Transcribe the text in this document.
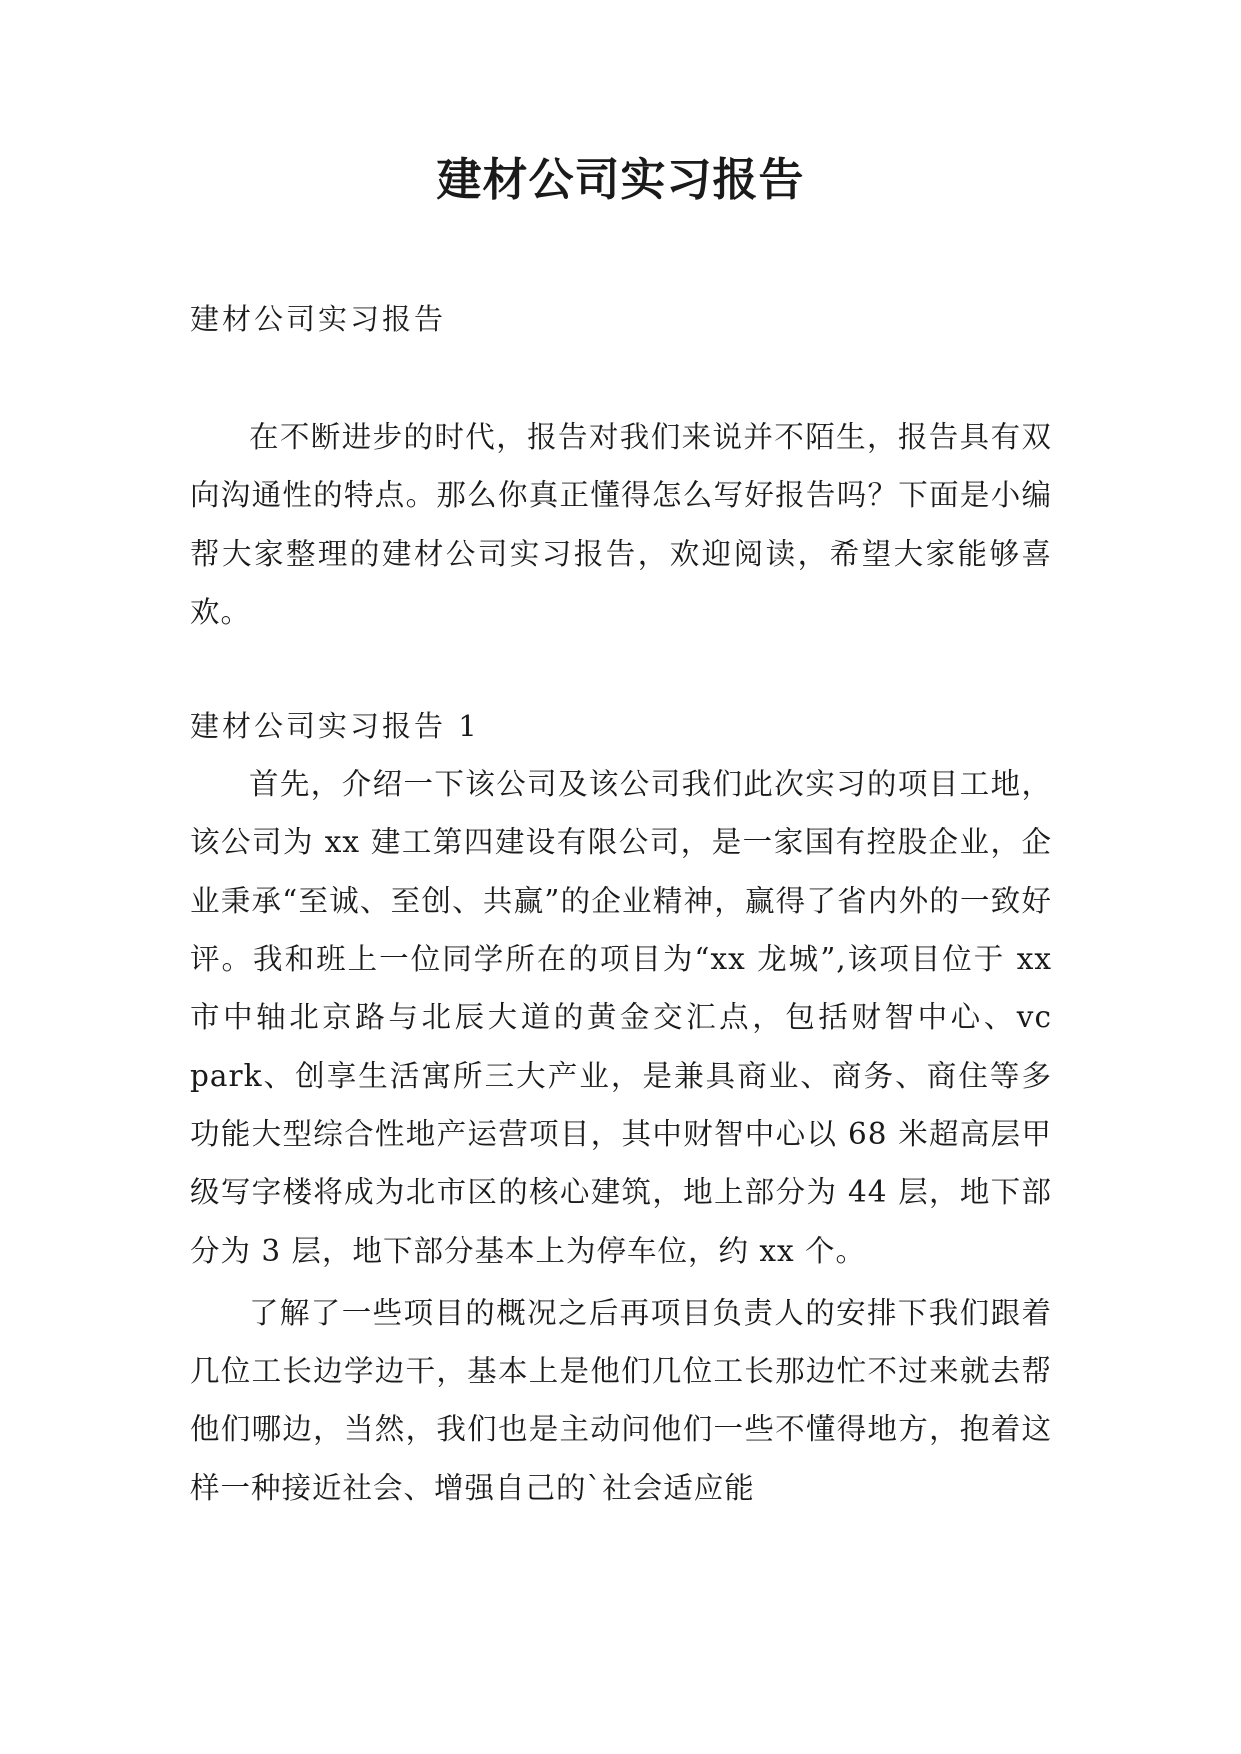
建材公司实习报告

建材公司实习报告

在不断进步的时代，报告对我们来说并不陌生，报告具有双向沟通性的特点。那么你真正懂得怎么写好报告吗？下面是小编帮大家整理的建材公司实习报告，欢迎阅读，希望大家能够喜欢。

建材公司实习报告 1

首先，介绍一下该公司及该公司我们此次实习的项目工地，该公司为 xx 建工第四建设有限公司，是一家国有控股企业，企业秉承“至诚、至创、共赢”的企业精神，赢得了省内外的一致好评。我和班上一位同学所在的项目为“xx 龙城”,该项目位于 xx 市中轴北京路与北辰大道的黄金交汇点，包括财智中心、vc park、创享生活寓所三大产业，是兼具商业、商务、商住等多功能大型综合性地产运营项目，其中财智中心以 68 米超高层甲级写字楼将成为北市区的核心建筑，地上部分为 44 层，地下部分为 3 层，地下部分基本上为停车位，约 xx 个。

了解了一些项目的概况之后再项目负责人的安排下我们跟着几位工长边学边干，基本上是他们几位工长那边忙不过来就去帮他们哪边，当然，我们也是主动问他们一些不懂得地方，抱着这样一种接近社会、增强自己的`社会适应能
